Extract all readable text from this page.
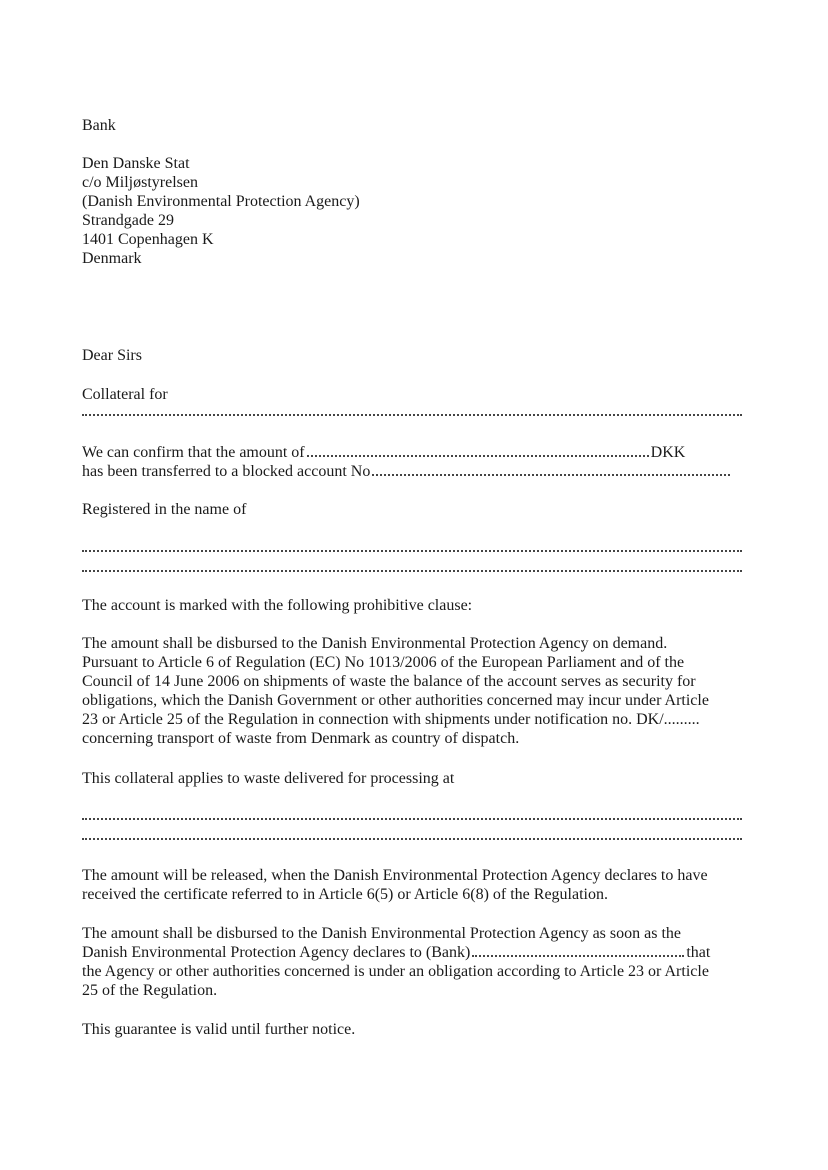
Bank
Den Danske Stat
c/o Miljøstyrelsen
(Danish Environmental Protection Agency)
Strandgade 29
1401 Copenhagen K
Denmark
Dear Sirs
Collateral for
We can confirm that the amount of	DKK
has been transferred to a blocked account No
Registered in the name of
The account is marked with the following prohibitive clause:
The amount shall be disbursed to the Danish Environmental Protection Agency on demand.
Pursuant to Article 6 of Regulation (EC) No 1013/2006 of the European Parliament and of the
Council of 14 June 2006 on shipments of waste the balance of the account serves as security for
obligations, which the Danish Government or other authorities concerned may incur under Article
23 or Article 25 of the Regulation in connection with shipments under notification no. DK/.........
concerning transport of waste from Denmark as country of dispatch.
This collateral applies to waste delivered for processing at
The amount will be released, when the Danish Environmental Protection Agency declares to have
received the certificate referred to in Article 6(5) or Article 6(8) of the Regulation.
The amount shall be disbursed to the Danish Environmental Protection Agency as soon as the
Danish Environmental Protection Agency declares to (Bank)	that
the Agency or other authorities concerned is under an obligation according to Article 23 or Article
25 of the Regulation.
This guarantee is valid until further notice.
